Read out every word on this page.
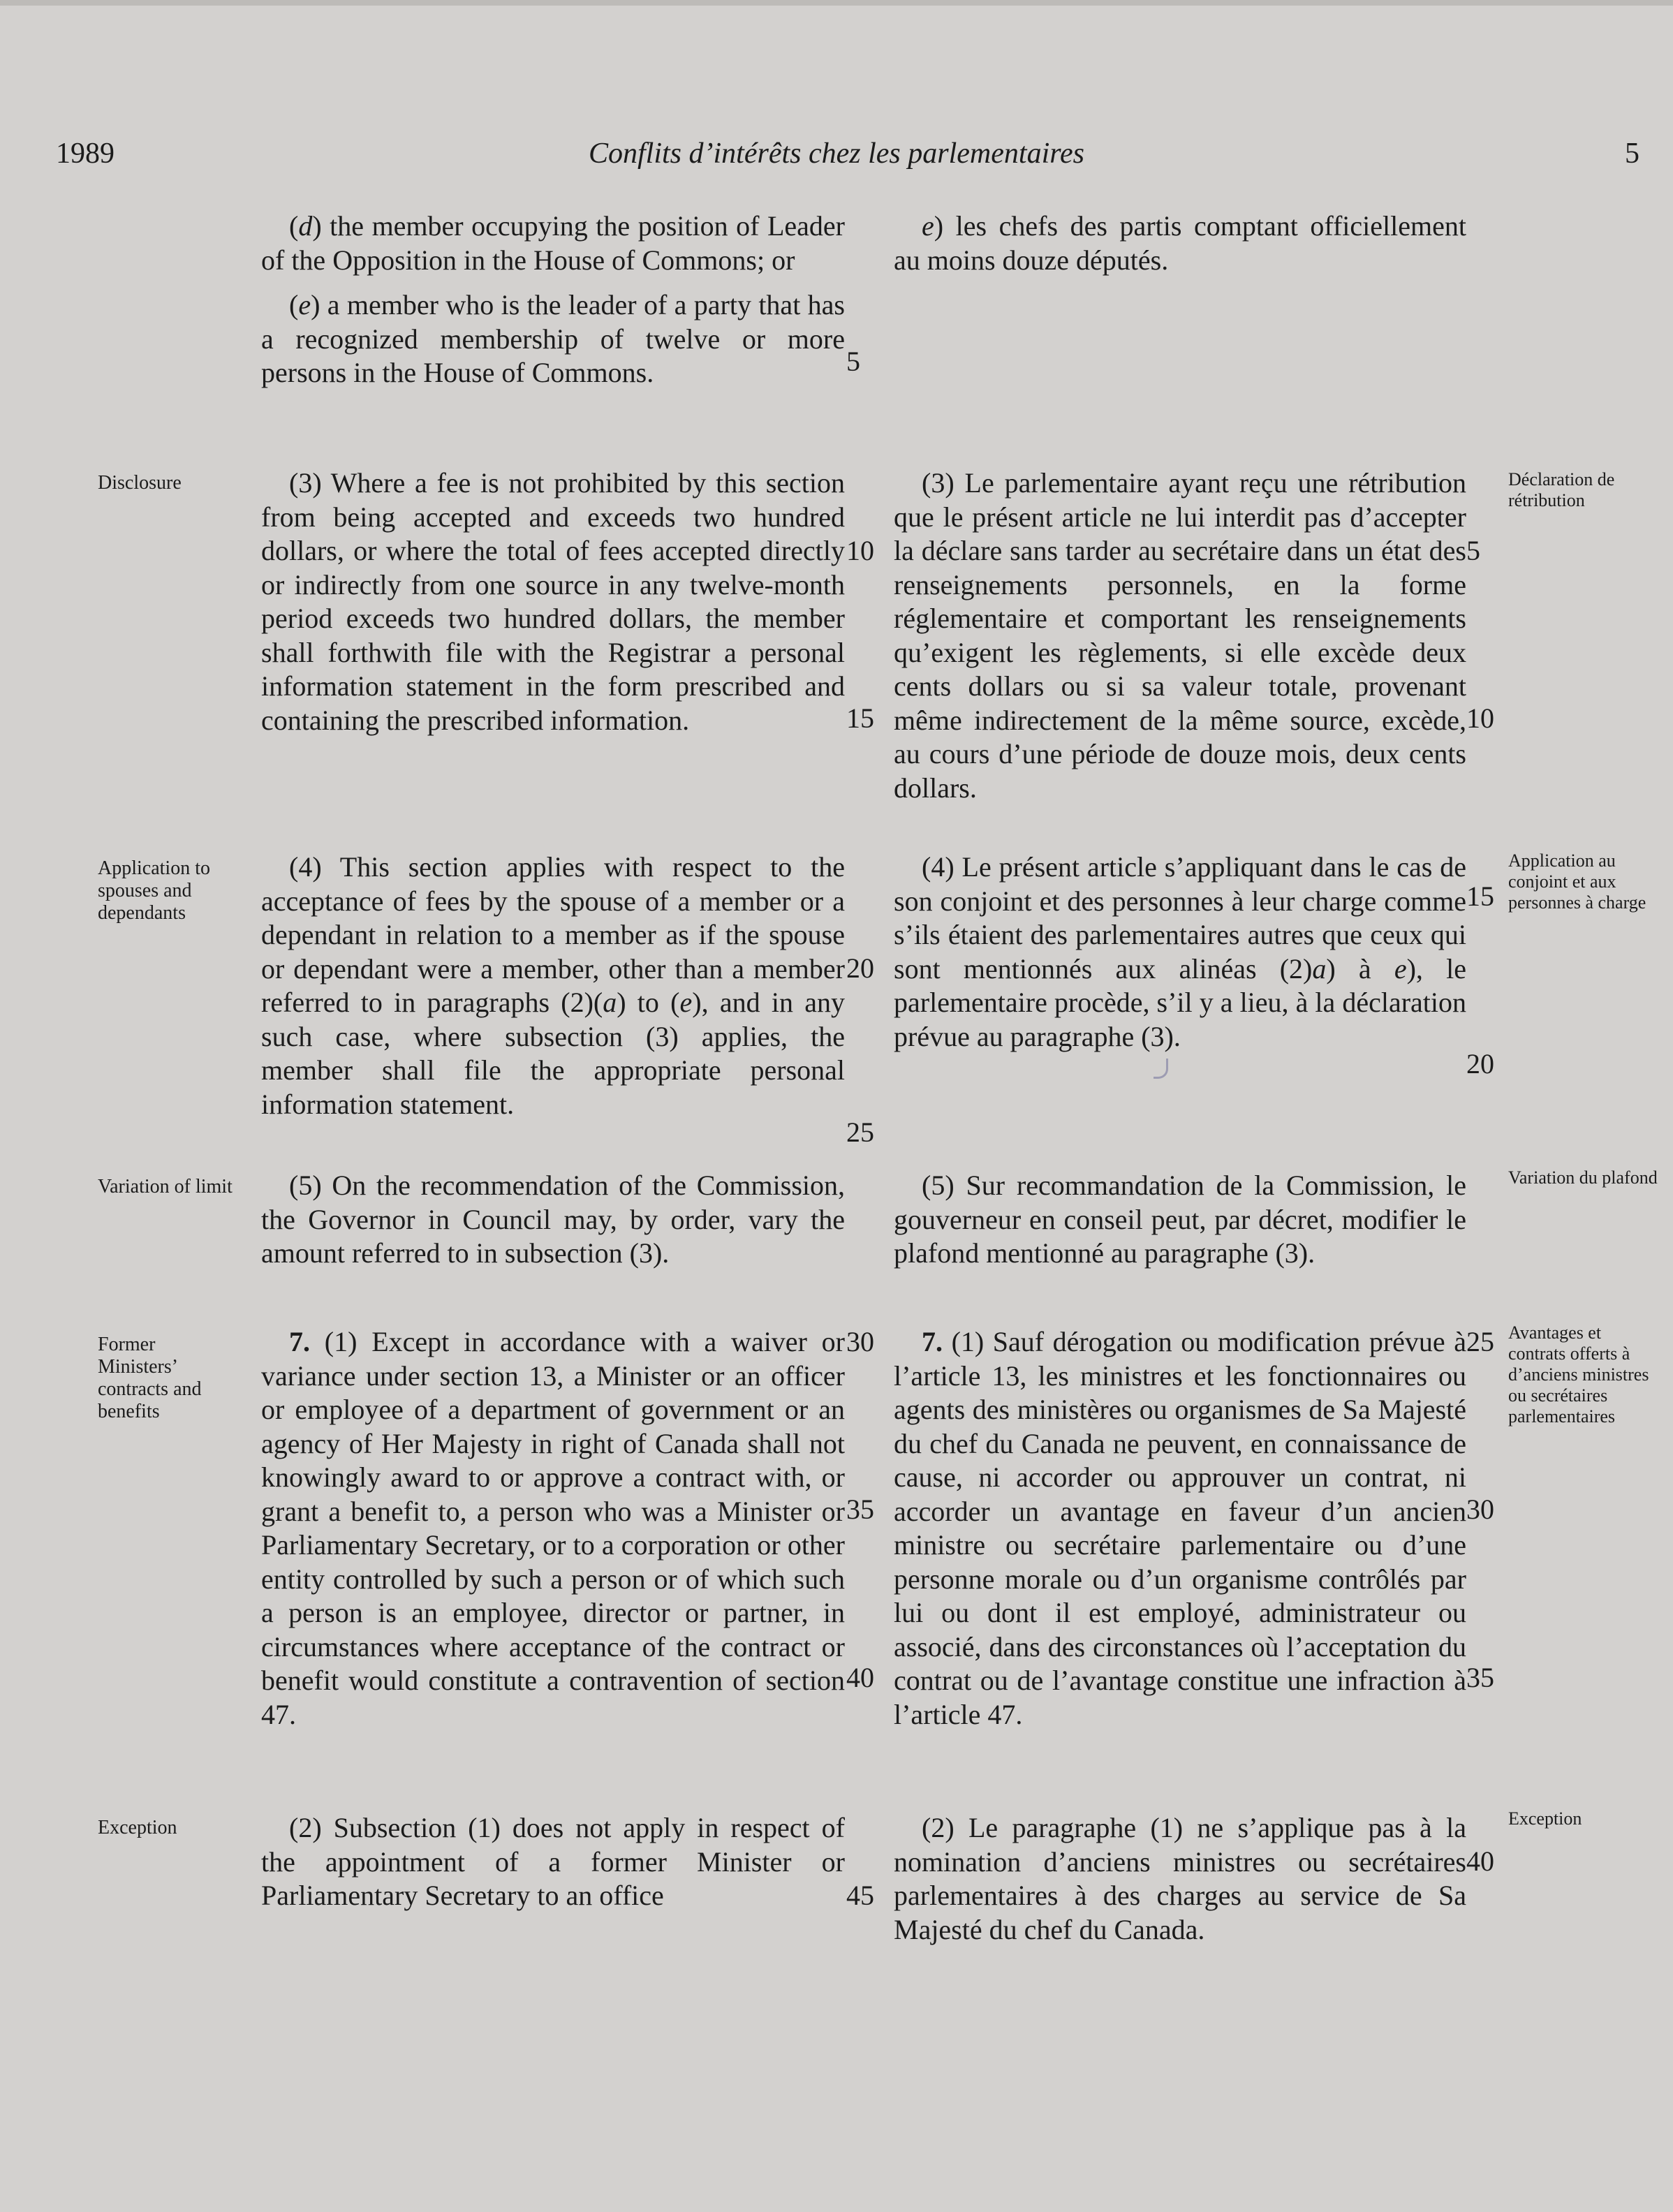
1989	Conflits d’intérêts chez les parlementaires	5

(d) the member occupying the position of Leader of the Opposition in the House of Commons; or

(e) a member who is the leader of a party that has a recognized membership of twelve or more persons in the House of Commons.	5

e) les chefs des partis comptant officiellement au moins douze députés.

Disclosure	(3) Where a fee is not prohibited by this section from being accepted and exceeds two hundred dollars, or where the total of fees accepted directly or indirectly from one source in any twelve-month period exceeds two hundred dollars, the member shall forthwith file with the Registrar a personal information statement in the form prescribed and containing the prescribed information.

10
15

(3) Le parlementaire ayant reçu une rétribution que le présent article ne lui interdit pas d’accepter la déclare sans tarder au secrétaire dans un état des renseignements personnels, en la forme réglementaire et comportant les renseignements qu’exigent les règlements, si elle excède deux cents dollars ou si sa valeur totale, provenant même indirectement de la même source, excède, au cours d’une période de douze mois, deux cents dollars.

5
10
Déclaration de rétribution
Application to spouses and dependants

(4) This section applies with respect to the acceptance of fees by the spouse of a member or a dependant in relation to a member as if the spouse or dependant were a member, other than a member referred to in paragraphs (2)(a) to (e), and in any such case, where subsection (3) applies, the member shall file the appropriate personal information statement.

20
25

(4) Le présent article s’appliquant dans le cas de son conjoint et des personnes à leur charge comme s’ils étaient des parlementaires autres que ceux qui sont mentionnés aux alinéas (2)a) à e), le parlementaire procède, s’il y a lieu, à la déclaration prévue au paragraphe (3).

15
20
Application au conjoint et aux personnes à charge
Variation of limit	(5) On the recommendation of the Commission, the Governor in Council may, by order, vary the amount referred to in subsection (3).

(5) Sur recommandation de la Commission, le gouverneur en conseil peut, par décret, modifier le plafond mentionné au paragraphe (3).

Variation du plafond
Former Ministers’ contracts and benefits

7. (1) Except in accordance with a waiver or variance under section 13, a Minister or an officer or employee of a department of government or an agency of Her Majesty in right of Canada shall not knowingly award to or approve a contract with, or grant a benefit to, a person who was a Minister or Parliamentary Secretary, or to a corporation or other entity controlled by such a person or of which such a person is an employee, director or partner, in circumstances where acceptance of the contract or benefit would constitute a contravention of section 47.

30
35
40

7. (1) Sauf dérogation ou modification prévue à l’article 13, les ministres et les fonctionnaires ou agents des ministères ou organismes de Sa Majesté du chef du Canada ne peuvent, en connaissance de cause, ni accorder ou approuver un contrat, ni accorder un avantage en faveur d’un ancien ministre ou secrétaire parlementaire ou d’une personne morale ou d’un organisme contrôlés par lui ou dont il est employé, administrateur ou associé, dans des circonstances où l’acceptation du contrat ou de l’avantage constitue une infraction à l’article 47.

25
30
35
Avantages et contrats offerts à d’anciens ministres ou secrétaires parlementaires
Exception	(2) Subsection (1) does not apply in respect of the appointment of a former Minister or Parliamentary Secretary to an office	45

(2) Le paragraphe (1) ne s’applique pas à la nomination d’anciens ministres ou secrétaires parlementaires à des charges au service de Sa Majesté du chef du Canada.

40
Exception
